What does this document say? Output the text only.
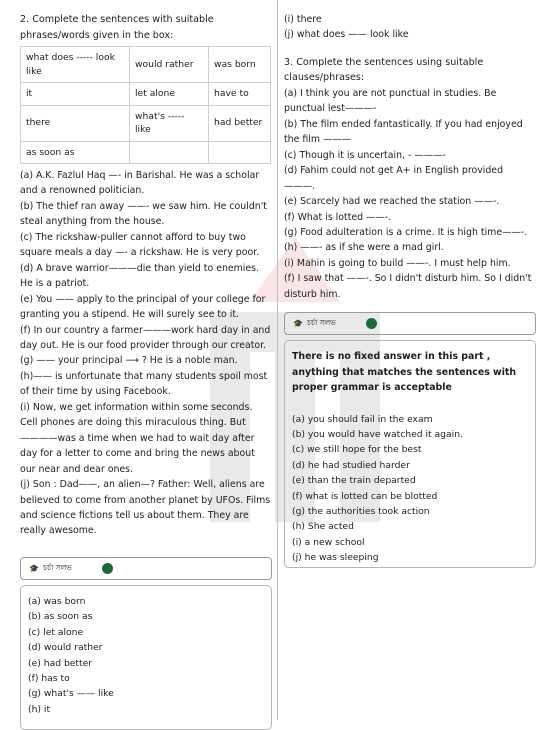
2. Complete the sentences with suitable phrases/words given in the box:

what does ----- look like	would rather	was born
it	let alone	have to
there	what's ----- like	had better
as soon as		

(a) A.K. Fazlul Haq —- in Barishal. He was a scholar and a renowned politician.

(b) The thief ran away ——- we saw him. He couldn't steal anything from the house.

(c) The rickshaw-puller cannot afford to buy two square meals a day —- a rickshaw. He is very poor.

(d) A brave warrior———die than yield to enemies. He is a patriot.

(e) You —— apply to the principal of your college for granting you a stipend. He will surely see to it.

(f) In our country a farmer———work hard day in and day out. He is our food provider through our creator.

(g) —— your principal ⟶ ? He is a noble man.

(h)—— is unfortunate that many students spoil most of their time by using Facebook.

(i) Now, we get information within some seconds. Cell phones are doing this miraculous thing. But ————was a time when we had to wait day after day for a letter to come and bring the news about our near and dear ones.

(j) Son : Dad——, an alien—? Father: Well, aliens are believed to come from another planet by UFOs. Films and science fictions tell us about them. They are really awesome.

🎓 চর্চা সলভ
(a) was born
(b) as soon as
(c) let alone
(d) would rather
(e) had better
(f) has to
(g) what's —— like
(h) it

(i) there

(j) what does —— look like

3. Complete the sentences using suitable clauses/phrases:

(a) I think you are not punctual in studies. Be punctual lest———-

(b) The film ended fantastically. If you had enjoyed the film ———

(c) Though it is uncertain, - ———-

(d) Fahim could not get A+ in English provided ———.

(e) Scarcely had we reached the station ——-.

(f) What is lotted ——-.

(g) Food adulteration is a crime. It is high time——-.

(h) ——- as if she were a mad girl.

(i) Mahin is going to build ——-. I must help him.

(f) I saw that ——-. So I didn't disturb him. So I didn't disturb him.

🎓 চর্চা সলভ
There is no fixed answer in this part , anything that matches the sentences with proper grammar is acceptable
(a) you should fail in the exam
(b) you would have watched it again.
(c) we still hope for the best
(d) he had studied harder
(e) than the train departed
(f) what is lotted can be blotted
(g) the authorities took action
(h) She acted
(i) a new school
(j) he was sleeping
